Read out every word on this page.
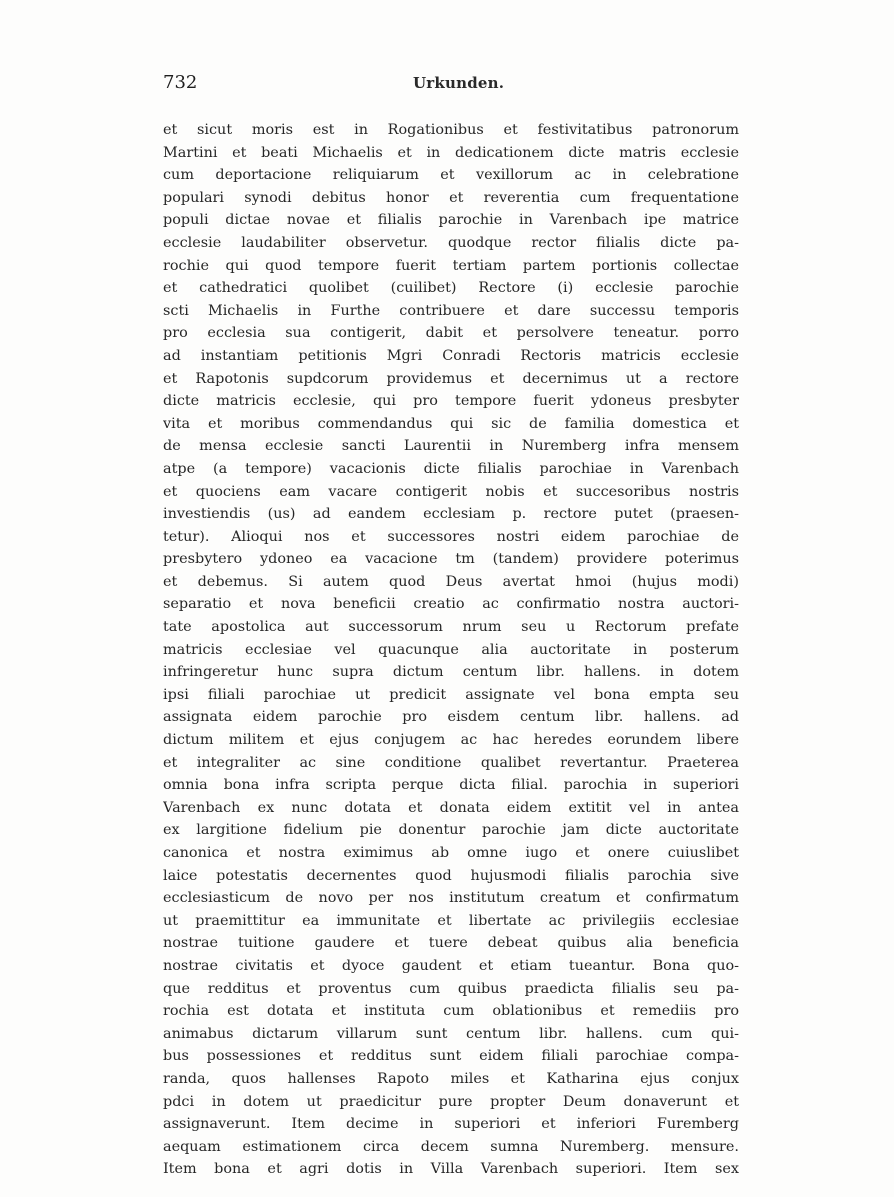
732	Urkunden.
et sicut moris est in Rogationibus et festivitatibus patronorum
Martini et beati Michaelis et in dedicationem dicte matris ecclesie
cum deportacione reliquiarum et vexillorum ac in celebratione
populari synodi debitus honor et reverentia cum frequentatione
populi dictae novae et filialis parochie in Varenbach ipe matrice
ecclesie laudabiliter observetur. quodque rector filialis dicte pa-
rochie qui quod tempore fuerit tertiam partem portionis collectae
et cathedratici quolibet (cuilibet) Rectore (i) ecclesie parochie
scti Michaelis in Furthe contribuere et dare successu temporis
pro ecclesia sua contigerit, dabit et persolvere teneatur. porro
ad instantiam petitionis Mgri Conradi Rectoris matricis ecclesie
et Rapotonis supdcorum providemus et decernimus ut a rectore
dicte matricis ecclesie, qui pro tempore fuerit ydoneus presbyter
vita et moribus commendandus qui sic de familia domestica et
de mensa ecclesie sancti Laurentii in Nuremberg infra mensem
atpe (a tempore) vacacionis dicte filialis parochiae in Varenbach
et quociens eam vacare contigerit nobis et succesoribus nostris
investiendis (us) ad eandem ecclesiam p. rectore putet (praesen-
tetur). Alioqui nos et successores nostri eidem parochiae de
presbytero ydoneo ea vacacione tm (tandem) providere poterimus
et debemus. Si autem quod Deus avertat hmoi (hujus modi)
separatio et nova beneficii creatio ac confirmatio nostra auctori-
tate apostolica aut successorum nrum seu u Rectorum prefate
matricis ecclesiae vel quacunque alia auctoritate in posterum
infringeretur hunc supra dictum centum libr. hallens. in dotem
ipsi filiali parochiae ut predicit assignate vel bona empta seu
assignata eidem parochie pro eisdem centum libr. hallens. ad
dictum militem et ejus conjugem ac hac heredes eorundem libere
et integraliter ac sine conditione qualibet revertantur. Praeterea
omnia bona infra scripta perque dicta filial. parochia in superiori
Varenbach ex nunc dotata et donata eidem extitit vel in antea
ex largitione fidelium pie donentur parochie jam dicte auctoritate
canonica et nostra eximimus ab omne iugo et onere cuiuslibet
laice potestatis decernentes quod hujusmodi filialis parochia sive
ecclesiasticum de novo per nos institutum creatum et confirmatum
ut praemittitur ea immunitate et libertate ac privilegiis ecclesiae
nostrae tuitione gaudere et tuere debeat quibus alia beneficia
nostrae civitatis et dyoce gaudent et etiam tueantur. Bona quo-
que redditus et proventus cum quibus praedicta filialis seu pa-
rochia est dotata et instituta cum oblationibus et remediis pro
animabus dictarum villarum sunt centum libr. hallens. cum qui-
bus possessiones et redditus sunt eidem filiali parochiae compa-
randa, quos hallenses Rapoto miles et Katharina ejus conjux
pdci in dotem ut praedicitur pure propter Deum donaverunt et
assignaverunt. Item decime in superiori et inferiori Furemberg
aequam estimationem circa decem sumna Nuremberg. mensure.
Item bona et agri dotis in Villa Varenbach superiori. Item sex
